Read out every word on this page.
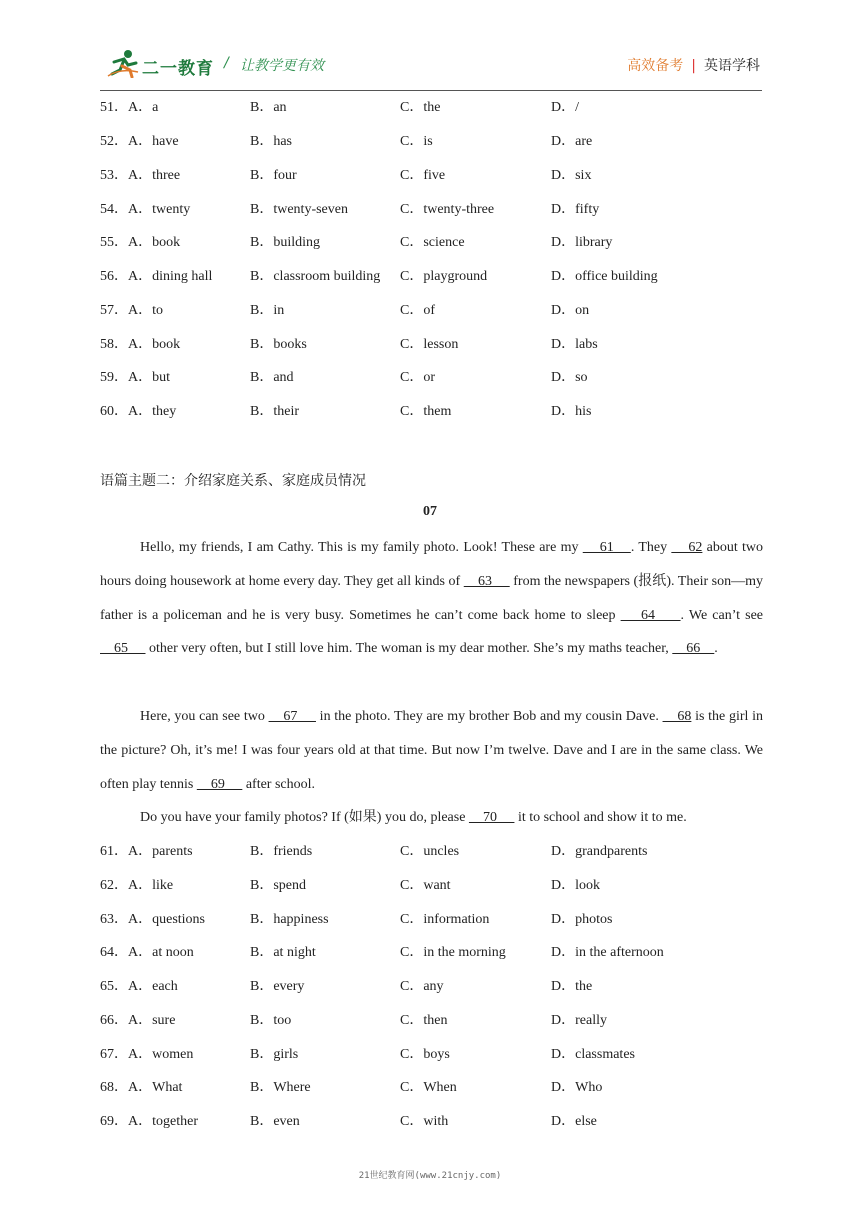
二一教育 / 让教学更有效	高效备考 | 英语学科
51．A．a	B．an	C．the	D．/
52．A．have	B．has	C．is	D．are
53．A．three	B．four	C．five	D．six
54．A．twenty	B．twenty-seven	C．twenty-three	D．fifty
55．A．book	B．building	C．science	D．library
56．A．dining hall	B．classroom building C．playground	D．office building
57．A．to	B．in	C．of	D．on
58．A．book	B．books	C．lesson	D．labs
59．A．but	B．and	C．or	D．so
60．A．they	B．their	C．them	D．his
语篇主题二：介绍家庭关系、家庭成员情况
07
Hello, my friends, I am Cathy. This is my family photo. Look! These are my     61    . They     62 about two hours doing housework at home every day. They get all kinds of     63      from the newspapers (报纸). Their son—my father is a policeman and he is very busy. Sometimes he can’t come back home to sleep     64     . We can’t see     65      other very often, but I still love him. The woman is my dear mother. She’s my maths teacher,     66    .
Here, you can see two     67      in the photo. They are my brother Bob and my cousin Dave.     68 is the girl in the picture? Oh, it’s me! I was four years old at that time. But now I’m twelve. Dave and I are in the same class. We often play tennis     69      after school.
Do you have your family photos? If (如果) you do, please     70      it to school and show it to me.
61．A．parents	B．friends	C．uncles	D．grandparents
62．A．like	B．spend	C．want	D．look
63．A．questions	B．happiness	C．information	D．photos
64．A．at noon	B．at night	C．in the morning	D．in the afternoon
65．A．each	B．every	C．any	D．the
66．A．sure	B．too	C．then	D．really
67．A．women	B．girls	C．boys	D．classmates
68．A．What	B．Where	C．When	D．Who
69．A．together	B．even	C．with	D．else
21世纪教育网(www.21cnjy.com)
